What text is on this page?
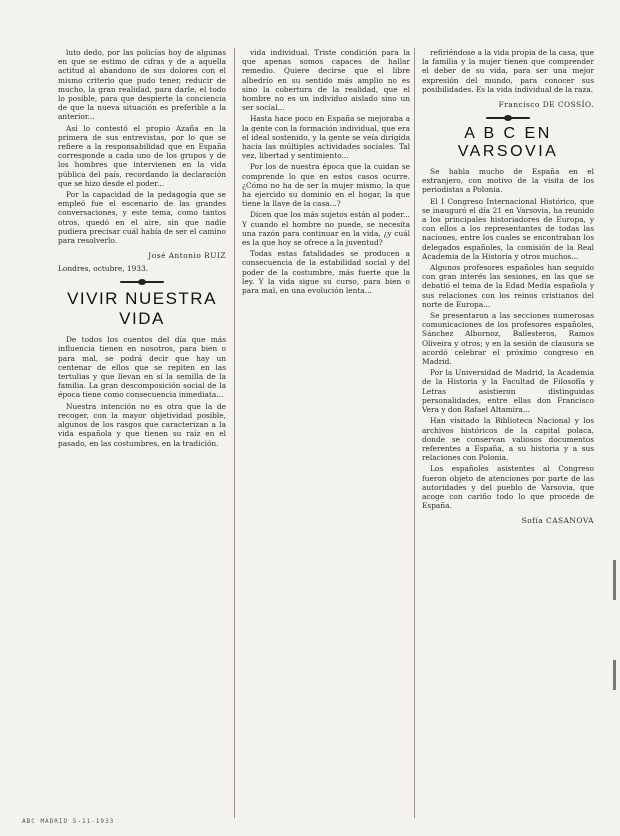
luto dedo, por las policías hoy de algunas en que se estimo de cifras y de a aquella actitud al abandono de sus dolores con el mismo criterio que pudo tener, reducir de mucho, la gran realidad, para darle, el todo lo posible, para que despierte la conciencia de que la nueva situación es preferible a la anterior...

Así lo contestó el propio Azaña en la primera de sus entrevistas, por lo que se refiere a la responsabilidad que en España corresponde a cada uno de los grupos y de los hombres que intervienen en la vida pública del país, recordando la declaración que se hizo desde el poder...

Por la capacidad de la pedagogía que se empleó fue el escenario de las grandes conversaciones, y este tema, como tantos otros, quedó en el aire, sin que nadie pudiera precisar cuál había de ser el camino para resolverlo.

José Antonio RUIZ
Londres, octubre, 1933.
VIVIR NUESTRA VIDA

De todos los cuentos del día que más influencia tienen en nosotros, para bien o para mal, se podrá decir que hay un centenar de ellos que se repiten en las tertulias y que llevan en sí la semilla de la familia. La gran descomposición social de la época tiene como consecuencia inmediata...

Nuestra intención no es otra que la de recoger, con la mayor objetividad posible, algunos de los rasgos que caracterizan a la vida española y que tienen su raíz en el pasado, en las costumbres, en la tradición.

vida individual. Triste condición para la que apenas somos capaces de hallar remedio. Quiere decirse que el libre albedrío en su sentido más amplio no es sino la cobertura de la realidad, que el hombre no es un individuo aislado sino un ser social...

Hasta hace poco en España se mejoraba a la gente con la formación individual, que era el ideal sostenido, y la gente se veía dirigida hacia las múltiples actividades sociales. Tal vez, libertad y sentimiento...

Por los de nuestra época que la cuidan se comprende lo que en estos casos ocurre. ¿Cómo no ha de ser la mujer mismo, la que ha ejercido su dominio en el hogar, la que tiene la llave de la casa...?

Dicen que los más sujetos están al poder... Y cuando el hombre no puede, se necesita una razón para continuar en la vida, ¿y cuál es la que hoy se ofrece a la juventud?

Todas estas fatalidades se producen a consecuencia de la estabilidad social y del poder de la costumbre, más fuerte que la ley. Y la vida sigue su curso, para bien o para mal, en una evolución lenta...

refiriéndose a la vida propia de la casa, que la familia y la mujer tienen que comprender el deber de su vida, para ser una mejor expresión del mundo, para conocer sus posibilidades. Es la vida individual de la raza.

Francisco DE COSSÍO.
A B C EN VARSOVIA

Se habla mucho de España en el extranjero, con motivo de la visita de los periodistas a Polonia.

El I Congreso Internacional Histórico, que se inauguró el día 21 en Varsovia, ha reunido a los principales historiadores de Europa, y con ellos a los representantes de todas las naciones, entre los cuales se encontraban los delegados españoles, la comisión de la Real Academia de la Historia y otros muchos...

Algunos profesores españoles han seguido con gran interés las sesiones, en las que se debatió el tema de la Edad Media española y sus relaciones con los reinos cristianos del norte de Europa...

Se presentaron a las secciones numerosas comunicaciones de los profesores españoles, Sánchez Albornoz, Ballesteros, Ramos Oliveira y otros; y en la sesión de clausura se acordó celebrar el próximo congreso en Madrid.

Por la Universidad de Madrid, la Academia de la Historia y la Facultad de Filosofía y Letras asistieron distinguidas personalidades, entre ellas don Francisco Vera y don Rafael Altamira...

Han visitado la Biblioteca Nacional y los archivos históricos de la capital polaca, donde se conservan valiosos documentos referentes a España, a su historia y a sus relaciones con Polonia.

Los españoles asistentes al Congreso fueron objeto de atenciones por parte de las autoridades y del pueblo de Varsovia, que acoge con cariño todo lo que procede de España.

Sofía CASANOVA
ABC MADRID 5-11-1933
